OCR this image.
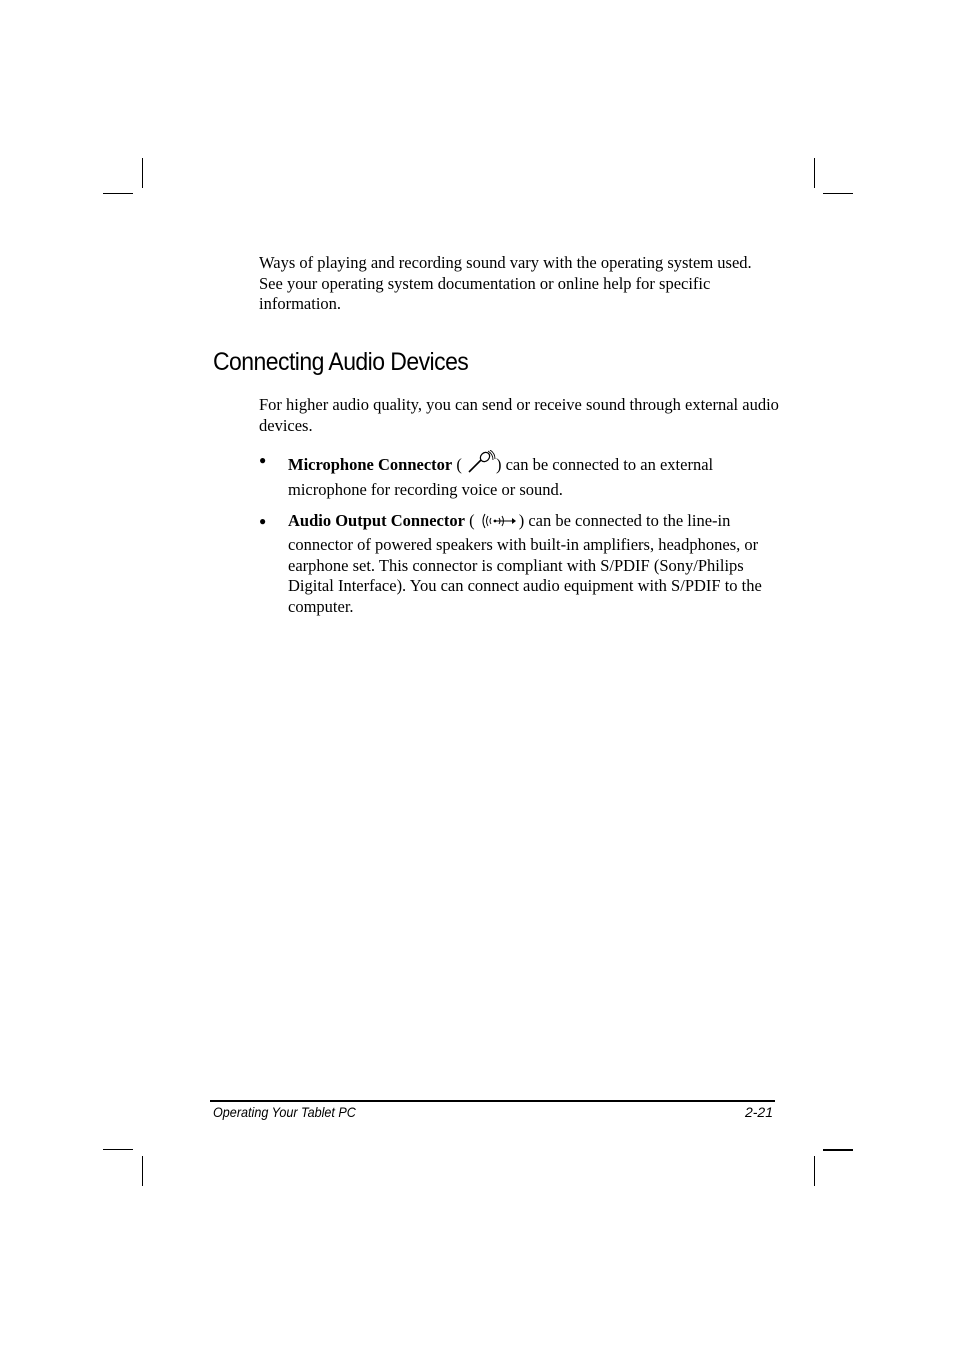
Ways of playing and recording sound vary with the operating system used. See your operating system documentation or online help for specific information.

Connecting Audio Devices

For higher audio quality, you can send or receive sound through external audio devices.

● Microphone Connector ( ) can be connected to an external microphone for recording voice or sound.
● Audio Output Connector (	) can be connected to the line-in connector of powered speakers with built-in amplifiers, headphones, or earphone set. This connector is compliant with S/PDIF (Sony/Philips Digital Interface). You can connect audio equipment with S/PDIF to the computer.
Operating Your Tablet PC	2-21
